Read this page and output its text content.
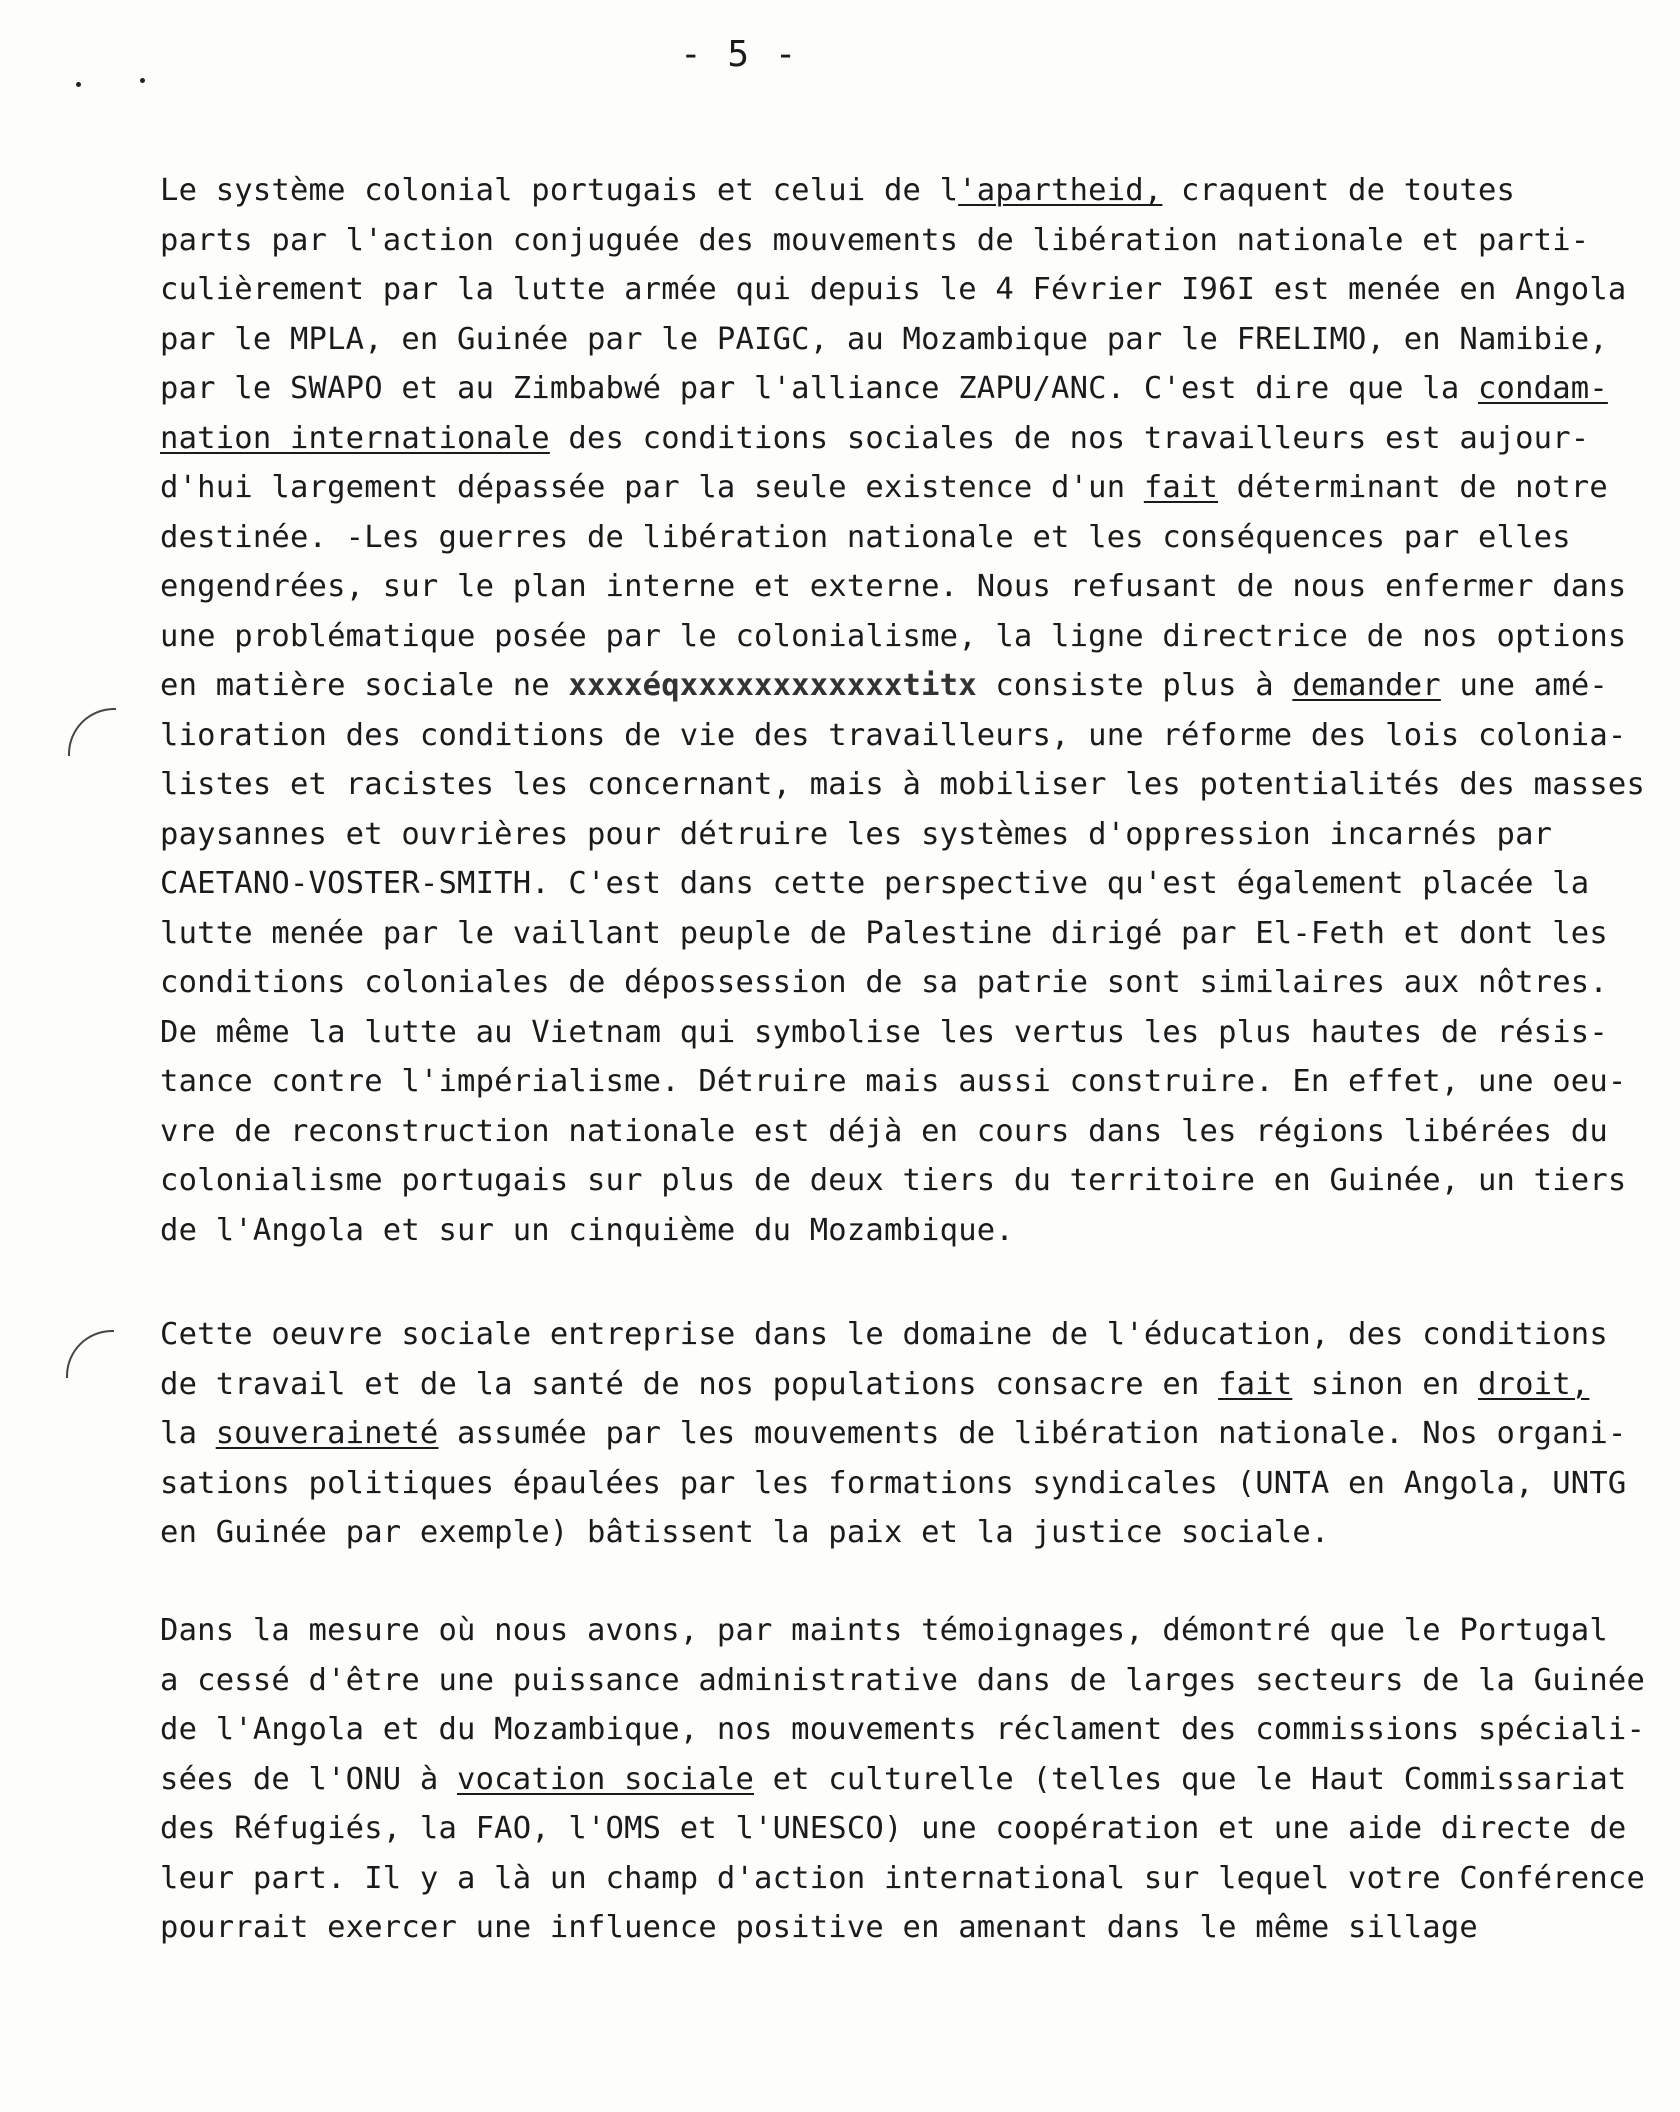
- 5 -
Le système colonial portugais et celui de l'apartheid, craquent de toutes
parts par l'action conjuguée des mouvements de libération nationale et parti-
culièrement par la lutte armée qui depuis le 4 Février I96I est menée en Angola
par le MPLA, en Guinée par le PAIGC, au Mozambique par le FRELIMO, en Namibie,
par le SWAPO et au Zimbabwé par l'alliance ZAPU/ANC. C'est dire que la condam-
nation internationale des conditions sociales de nos travailleurs est aujour-
d'hui largement dépassée par la seule existence d'un fait déterminant de notre
destinée. -Les guerres de libération nationale et les conséquences par elles
engendrées, sur le plan interne et externe. Nous refusant de nous enfermer dans
une problématique posée par le colonialisme, la ligne directrice de nos options
en matière sociale ne xxxxéqxxxxxxxxxxxxtitx consiste plus à demander une amé-
lioration des conditions de vie des travailleurs, une réforme des lois colonia-
listes et racistes les concernant, mais à mobiliser les potentialités des masses
paysannes et ouvrières pour détruire les systèmes d'oppression incarnés par
CAETANO-VOSTER-SMITH. C'est dans cette perspective qu'est également placée la
lutte menée par le vaillant peuple de Palestine dirigé par El-Feth et dont les
conditions coloniales de dépossession de sa patrie sont similaires aux nôtres.
De même la lutte au Vietnam qui symbolise les vertus les plus hautes de résis-
tance contre l'impérialisme. Détruire mais aussi construire. En effet, une oeu-
vre de reconstruction nationale est déjà en cours dans les régions libérées du
colonialisme portugais sur plus de deux tiers du territoire en Guinée, un tiers
de l'Angola et sur un cinquième du Mozambique.
Cette oeuvre sociale entreprise dans le domaine de l'éducation, des conditions
de travail et de la santé de nos populations consacre en fait sinon en droit,
la souveraineté assumée par les mouvements de libération nationale. Nos organi-
sations politiques épaulées par les formations syndicales (UNTA en Angola, UNTG
en Guinée par exemple) bâtissent la paix et la justice sociale.
Dans la mesure où nous avons, par maints témoignages, démontré que le Portugal
a cessé d'être une puissance administrative dans de larges secteurs de la Guinée
de l'Angola et du Mozambique, nos mouvements réclament des commissions spéciali-
sées de l'ONU à vocation sociale et culturelle (telles que le Haut Commissariat
des Réfugiés, la FAO, l'OMS et l'UNESCO) une coopération et une aide directe de
leur part. Il y a là un champ d'action international sur lequel votre Conférence
pourrait exercer une influence positive en amenant dans le même sillage
